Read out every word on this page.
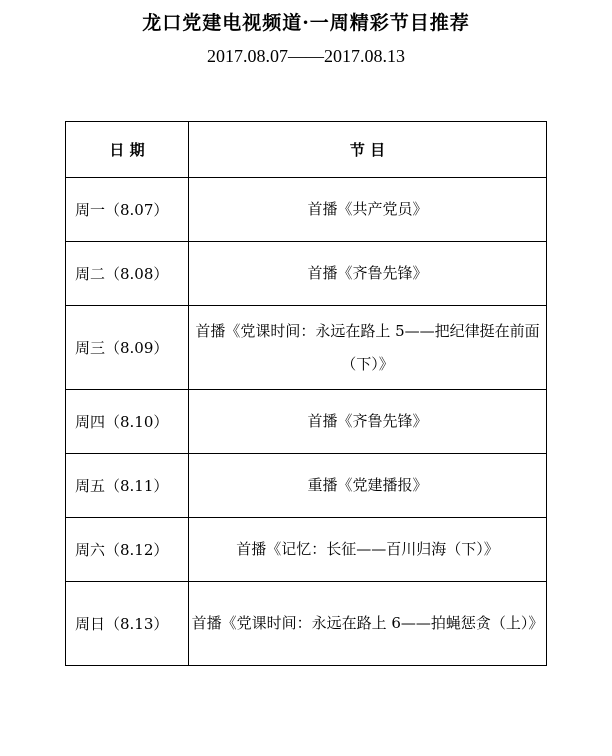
龙口党建电视频道·一周精彩节目推荐
2017.08.07——2017.08.13
日 期	节 目
周一（8.07）	首播《共产党员》
周二（8.08）	首播《齐鲁先锋》
周三（8.09）	首播《党课时间：永远在路上 5——把纪律挺在前面（下）》
周四（8.10）	首播《齐鲁先锋》
周五（8.11）	重播《党建播报》
周六（8.12）	首播《记忆：长征——百川归海（下）》
周日（8.13）	首播《党课时间：永远在路上 6——拍蝇惩贪（上）》
